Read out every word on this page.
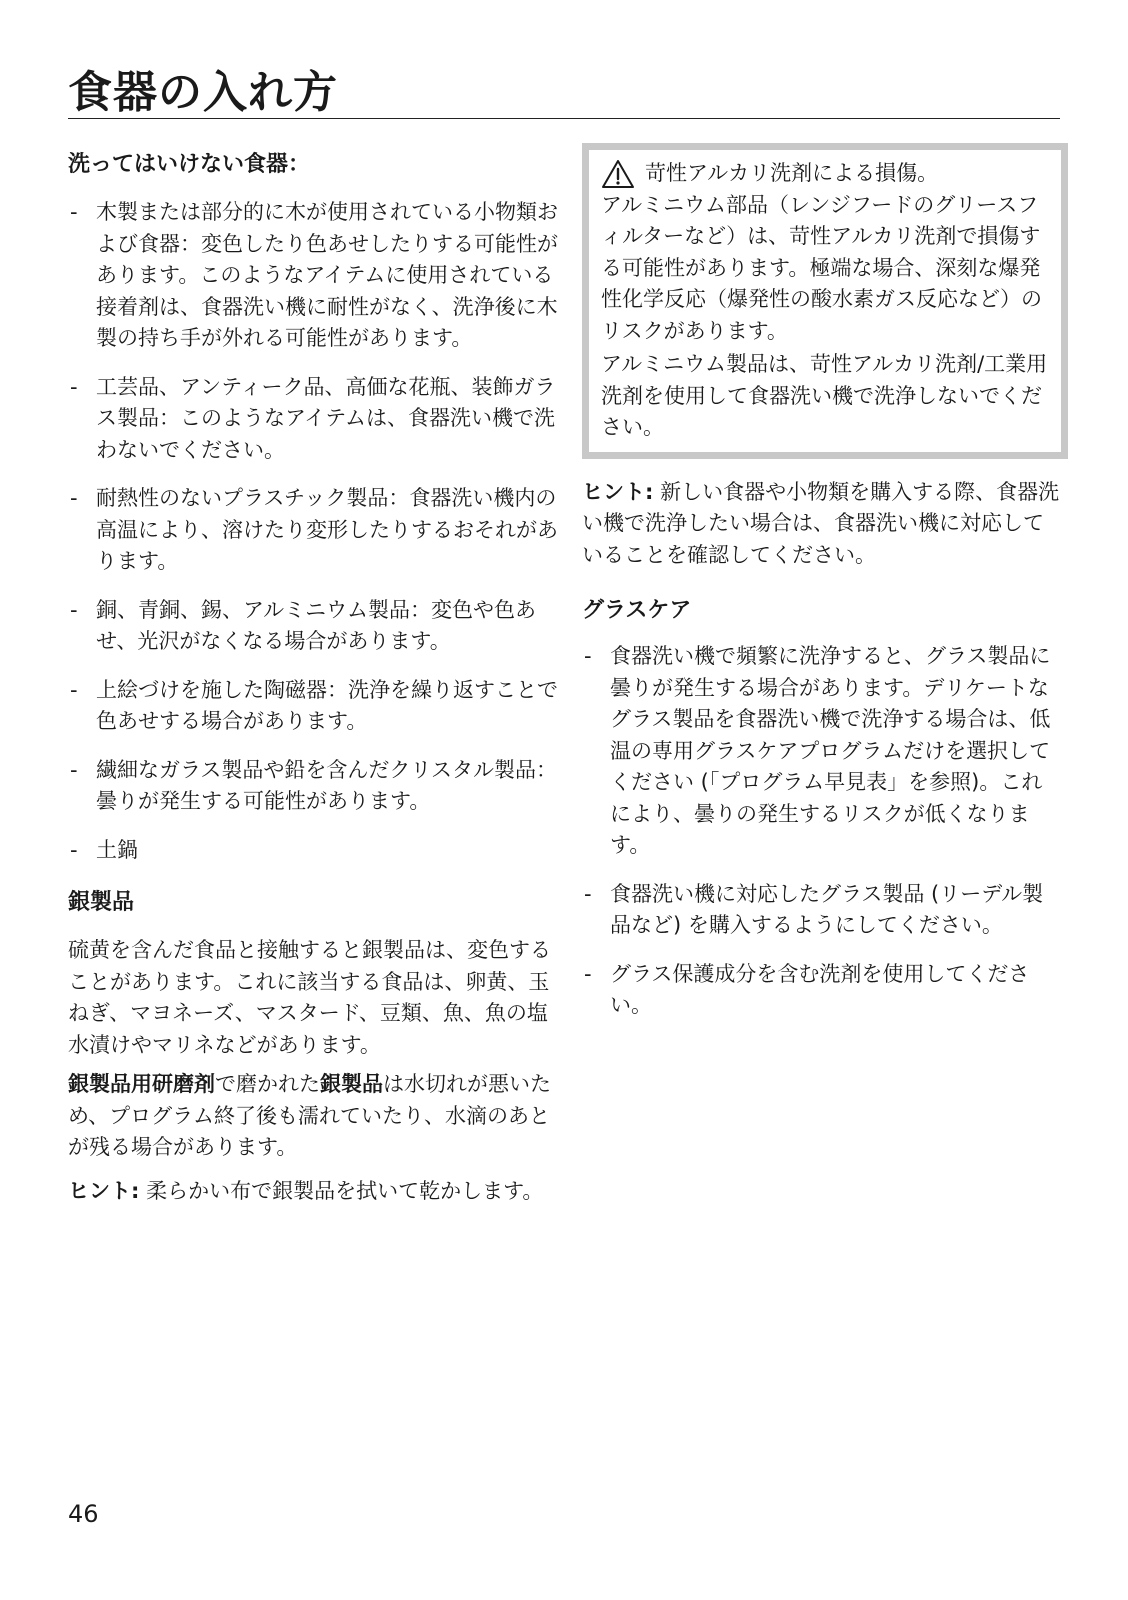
食器の入れ方
洗ってはいけない食器：
- 木製または部分的に木が使用されている小物類および食器：変色したり色あせしたりする可能性があります。このようなアイテムに使用されている接着剤は、食器洗い機に耐性がなく、洗浄後に木製の持ち手が外れる可能性があります。
- 工芸品、アンティーク品、高価な花瓶、装飾ガラス製品：このようなアイテムは、食器洗い機で洗わないでください。
- 耐熱性のないプラスチック製品：食器洗い機内の高温により、溶けたり変形したりするおそれがあります。
- 銅、青銅、錫、アルミニウム製品：変色や色あせ、光沢がなくなる場合があります。
- 上絵づけを施した陶磁器：洗浄を繰り返すことで色あせする場合があります。
- 繊細なガラス製品や鉛を含んだクリスタル製品：曇りが発生する可能性があります。
- 土鍋
銀製品

硫黄を含んだ食品と接触すると銀製品は、変色することがあります。これに該当する食品は、卵黄、玉ねぎ、マヨネーズ、マスタード、豆類、魚、魚の塩水漬けやマリネなどがあります。

銀製品用研磨剤で磨かれた銀製品は水切れが悪いため、プログラム終了後も濡れていたり、水滴のあとが残る場合があります。

ヒント: 柔らかい布で銀製品を拭いて乾かします。

苛性アルカリ洗剤による損傷。

アルミニウム部品（レンジフードのグリースフィルターなど）は、苛性アルカリ洗剤で損傷する可能性があります。極端な場合、深刻な爆発性化学反応（爆発性の酸水素ガス反応など）のリスクがあります。

アルミニウム製品は、苛性アルカリ洗剤/工業用洗剤を使用して食器洗い機で洗浄しないでください。

ヒント: 新しい食器や小物類を購入する際、食器洗い機で洗浄したい場合は、食器洗い機に対応していることを確認してください。

グラスケア
- 食器洗い機で頻繁に洗浄すると、グラス製品に曇りが発生する場合があります。デリケートなグラス製品を食器洗い機で洗浄する場合は、低温の専用グラスケアプログラムだけを選択してください (「プログラム早見表」を参照)。これにより、曇りの発生するリスクが低くなります。
- 食器洗い機に対応したグラス製品 (リーデル製品など) を購入するようにしてください。
- グラス保護成分を含む洗剤を使用してください。
46
